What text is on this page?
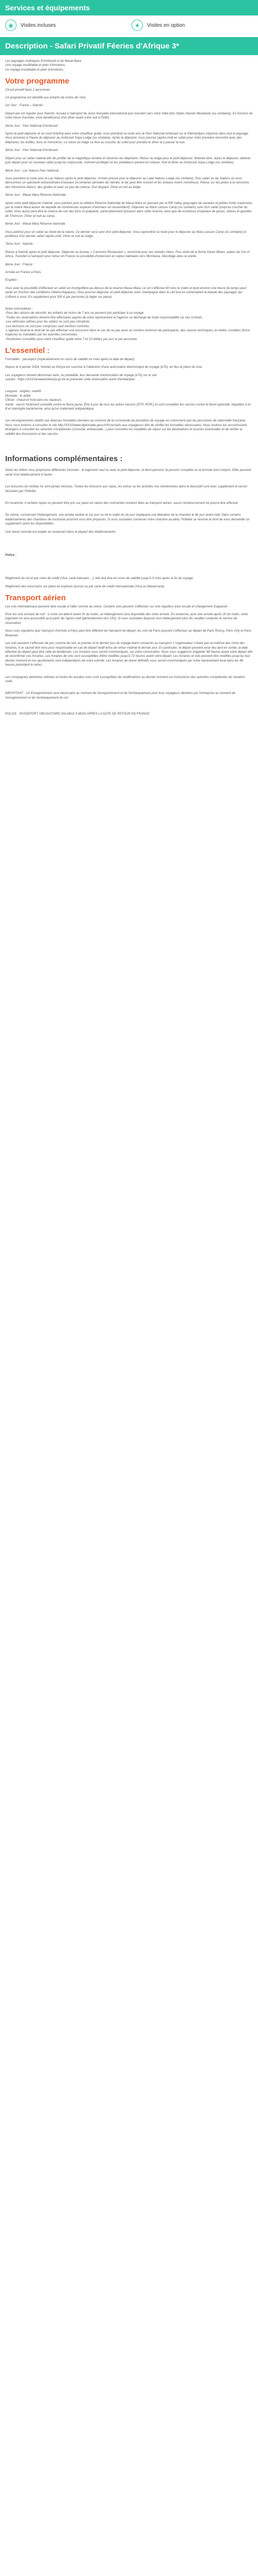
Services et équipements
◉	Visites incluses	★	Visites en option
Description - Safari Privatif Féeries d'Afrique 3*

Les paysages mythiques d'Amboseli et de Masai Mara

Une voyage inoubliable et plein d'émotions.

Un voyage inoubliable et plein d'émotions.

Votre programme

Circuit privatif base 2 personnes

Ce programme est identifié aux enfants de moins de 7ans.

1er Jour : France – Nairobi :

Départ par vol régulier pour Nairobi. Accueil à l'aéroport de Jomo Kenyatta International puis transfert vers votre hôtel (Ibis Styles Nairobi Westlands (ou similaire)). En fonction de votre heure d'arrivée, vous bénéficierez d'un dîner avant votre nuit à l'hôtel.

2ème Jour : Parc National d'Amboseli :

Après le petit déjeuner et un court briefing avec votre chauffeur guide, vous prendrez la route vers le Parc National Amboseli sur le Kilimandjaro (réponse dans tout le paysage. Vous arriverez à l'heure du déjeuner au Amboseli Sopa Lodge (ou similaire). Après le déjeuner, vous pourrez (après-midi en safari pour votre première rencontre avec des éléphants, les buffles, lions et rhinocéros. Le retour au lodge se fera au coucher du soleil pour prendre le dîner et y passer la nuit.

3ème Jour : Parc National d'Amboseli :

Départ pour un safari matinal afin de profiter de la magnifique lumière et observer les éléphants. Retour au lodge pour le petit-déjeuner. Matinée libre. Après le déjeuner, détente puis départ pour un nouveau safari jusqu'au crépuscule, moment privilégié où les prédateurs partent en chasse. Nuit et dîner au Amboseli Sopa Lodge (ou similaire).

4ème Jour : Lac Nakuru Parc National :

Vous prendrez la route pour le Lac Nakuru après le petit déjeuner. Arrivée prévue pour le déjeuner au Lake Nakuru Lodge (ou similaire). Puis safari au lac Nakuru où vous découvrirez un spectacle extraordinaire d'oiseaux (à certaines périodes de l'année, le lac peut être couvert et les oiseaux moins nombreux). Retour sur les pistes à la rencontre des rhinocéros blancs, des girafes et avec un peu de chance, d'un léopard. Dîner et nuit au lodge.

5ème Jour : Masai Mara Réserve Nationale :

Après votre petit-déjeuner matinal, vous partirez pour la célèbre Réserve Nationale de Masai Mara en passant par la Rift Valley (paysages de savanes et petites forêts traversées par la rivière Mara auteur de laquelle de nombreuses espèces d'animaux se rassemblent). Déjeuner au Mara Leisure Camp (ou similaire) suivi d'un safari jusqu'au coucher du soleil. Vous aurez peut-être la chance de voir des lions et guépards, particulièrement présents dans cette réserve, ainsi que de nombreux troupeaux de gnous, zèbres et gazelles de Thomson. Dîner et nuit au camp.

6ème Jour : Masai Mara Réserve nationale :

Vous partirez pour un safari au réveil de la nature. Ce dernier sera suivi d'un petit-déjeuner. Vous reprendrez la route pour le déjeuner au Mara Leisure Camp (ou similaire) et profiterez d'un dernier safari l'après-midi. Dîner et nuit au lodge.

7ème Jour : Nairobi :

Retour à Nairobi après le petit déjeuner. Déjeuner au bureau « Carnivore Restaurant », renommé pour ses viandes rôties. Puis visite de la ferme Karen Blixen, auteur de Out of Africa. Transfert à l'aéroport pour retour en France ou possibilité d'extension en séjour balnéaire vers Mombasa. Décollage dans la soirée.

8ème Jour : France :

Arrivée en France à Paris.

Eruption :

Vous avez la possibilité d'effectuer un safari en montgolfière au-dessus de la réserve Masai Mara. Le vol s'effectue 60 mins le matin et dure environ une heure (le temps peut varier en fonction des conditions météorologiques). Vous pourrez déguster un petit-déjeuner avec champagne dans le ciel tout en contemplant la beauté des paysages qui s'offrent à vous. En supplément pour 500 € par personne (à régler sur place).

Notes informatives :

-Pour des raisons de sécurité, les enfants de moins de 7 ans ne peuvent pas participer à ce voyage.

-Toutes les réservations doivent être effectuées auprès de votre représentant et l'agence se décharge de toute responsabilité sur ces contrats.

-Les véhicules utilisés pour les safaris ne sont pas climatisés.

-Les boissons ne sont pas comprises sauf mention contraire.

-L'agence réserve le droit de ne pas effectuer une excursion dans le cas de ne pas avoir un nombre minimum de participants, des raisons techniques, la météo, condition (force majeure) ou mandatés par les autorités concernées.

-Pourboires conseillés pour votre chauffeur guide entre 7 et 10 dollars par jour et par personne.

L'essentiel :

Formalités : passeport (impérativement en cours de validité six mois après la date de départ).

Depuis le 4 janvier 2024, l'entrée au Kenya est soumise à l'obtention d'une autorisation électronique de voyage (eTA), en lieu et place du visa.

Les voyageurs doivent désormais faire, ou préalable, leur demande d'autorisation de voyage (eTA) sur le site

suivant : https://XXXXwwwautokenya.go.ke et présenter cette autorisation avant d'embarquer.

Langues : anglais, swahili

Monnaie : le dollar

Climat : chaud et froid dans les hauteurs

Santé : vaccin fortement conseillé contre la fièvre jaune. Être à jour de tous les autres vaccins (DTP, ROR.) et sont conseillés les vaccins contre la fièvre typhoïde, hépatites A et B et méningite bactérienne, ainsi qu'un traitement antipaludique.

Les renseignements relatifs aux diverses formalités données au moment de la commande de prestation de voyage ne concernent que les personnes de nationalité française. Nous vous invitons à consulter le site http://XXXXwww.diplomatie.gouv.fr/fr/conseils-aux-voyageurs/ afin de vérifier les formalités nécessaires. Nous invitons les ressortissants étrangers à consulter les autorités compétentes (consulat, ambassade...) pour connaître les modalités de séjour sur les destinations et sources éventuelles et de vérifier la validité des documents et des vaccins.

Informations complémentaires :

Selon les hôtels nous proposons différentes formules : le logement seul ou avec le petit-déjeuner, la demi-pension, la pension complète ou la formule tout compris. Elles peuvent varier d'un établissement à l'autre.

Les boissons du minibar ne sont jamais incluses. Toutes les boissons aux repas, les extras ou les activités non mentionnées dans le descriptif sont avec supplément et seront facturées par l'hôtelier.

En revanche, il certains repas ne peuvent être pris sur place en raison des contraintes horaires liées au transport aérien, aucun remboursement ne pourra être effectué.

De même, concernant l'hébergement, une arrivée tardive le 1er jour ou tôt le matin du 2è jour impliquera une libération de la chambre le 8è jour avant midi. Dans certains établissements des chambres de courtoisie pourront vous être proposés. Si vous souhaitez conserver votre chambre au-delà, l'hôtelier se réserve le droit de vous demander un supplément selon les disponibilités.

Une taxue concrée est exigée au restaurant dans la plupart des établissements.

Police :

Règlement du vol et par carte de crédit (Visa, carte bancaire ...), elle doit être en cours de validité jusqu'à 3 mois après la fin du voyage.

Règlement des excursions sur place en espèces (euros) ou par carte de crédit internationale (Visa ou Mastercard).

Transport aérien

Les vols internationaux peuvent faire escale à l'aller comme au retour. Certains vols peuvent s'effectuer sur vols réguliers avec escale et changement d'appareil.

Pour les vols arrivant de nuit : si votre vol atterrit avant 2h du matin, un hébergement sera disponible dès votre arrivée. En revanche, pour une arrivée après 2h du matin, votre logement ne sera accessible qu'à partir de l'après-midi (généralement vers 15h). Si vous souhaitez disposer d'un hébergement plus tôt, veuillez contacter le service de réservation.

Nous vous signalons que l'aéroport d'arrivée à Paris peut être différent de l'aéroport de départ, les vols de Paris peuvent s'effectuer au départ de Paris Roissy, Paris Orly et Paris Beauvais.

Les vols peuvent s'effectuer de jour comme de nuit, le premier et le dernier jour du voyage étant consacrés au transport. L'organisateur n'étant pas la maîtrise des choix des horaires, il se saurait être tenu pour responsable en cas de départ tardif et/ou de retour matinal le dernier jour. En particulier, le départ peuvent avoir lieu tard en soirée, la date effective du départ peut être celle du lendemain. Les horaires vous seront communiqués, sur votre convocation. Nous vous suggérons d'appeler 48 heures avant votre départ afin de reconfirmer ces horaires. Les horaires de vols sont susceptibles d'être modifiés jusqu'à 72 heures avant votre départ. Les horaires et vols peuvent être modifiés jusqu'au tout dernier moment et ces ajustements sont indépendants de notre volonté. Les horaires de retour définitifs vous seront communiqués par notre représentant local dans les 48 heures précédant le retour.

Les compagnies aériennes utilisées et toutes les escales nous sont susceptibles de modifications au dernier moment sur instructions des autorités compétentes de l'aviation civile.

IMPORTANT : Un Enregistrement sera nécessaire au moment de l'enregistrement et de l'embarquement pour tous voyageurs déclarés par l'entreprise au moment de l'enregistrement et de l'embarquement du vol.

POLICE : PASSEPORT OBLIGATOIRE VALABLE 6 MOIS APRES LA DATE DE RETOUR EN FRANCE
